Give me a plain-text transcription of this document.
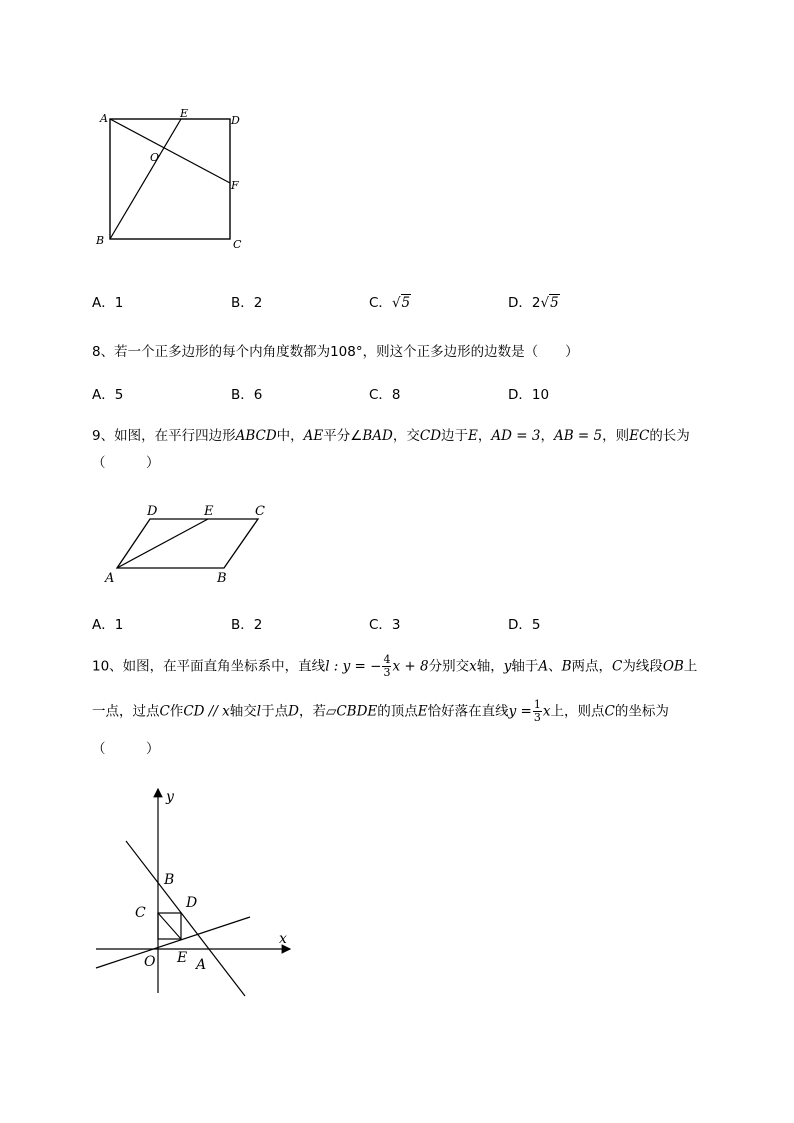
A	E
D
O
F
B	C
A．1	B．2	C．√5	D．2√5
8、若一个正多边形的每个内角度数都为108°，则这个正多边形的边数是（　　）
A．5	B．6	C．8	D．10
9、如图，在平行四边形ABCD中，AE平分∠BAD，交CD边于E，AD = 3，AB = 5，则EC的长为
（　　　）
D	E	C
A	B
A．1	B．2	C．3	D．5
10、如图，在平面直角坐标系中，直线l : y = − $\frac{4}{3}$ x + 8分别交x轴，y轴于A、B两点，C为线段OB上
一点，过点C作CD // x轴交l于点D，若▱CBDE的顶点E恰好落在直线$y = \frac{1}{3}$ x上，则点C的坐标为
（　　　）
y
x
B
C
D
O E A
